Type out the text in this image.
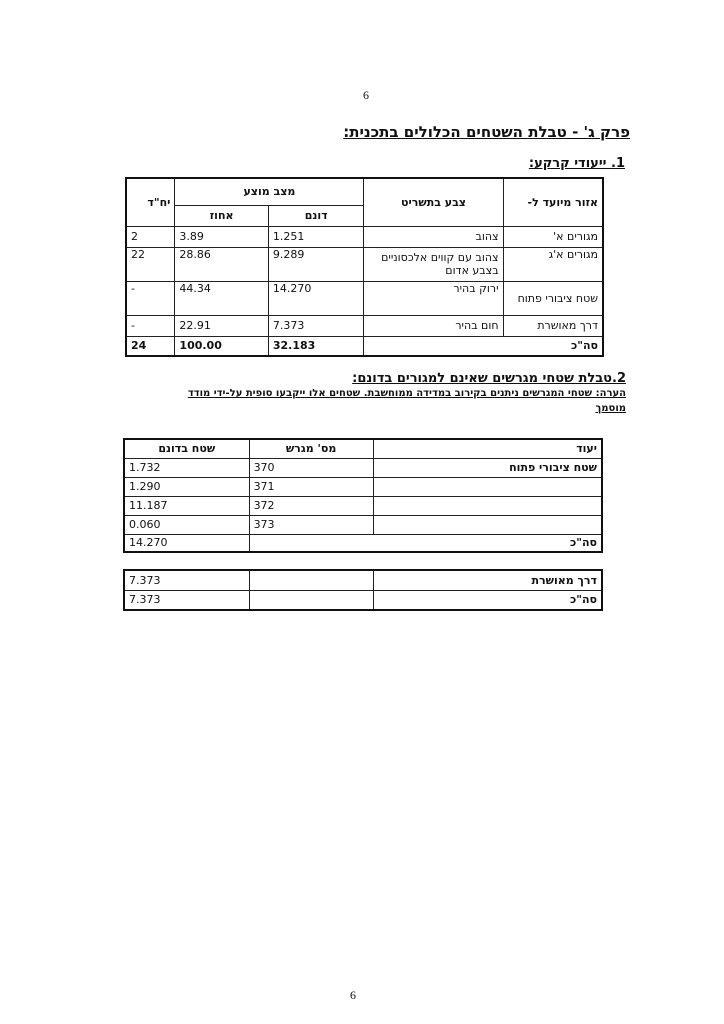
6
פרק ג' - טבלת השטחים הכלולים בתכנית:
1. ייעודי קרקע:
אזור מיועד ל-	צבע בתשריט	מצב מוצע		יח"ד
		דונם	אחוז	
מגורים א'	צהוב	1.251	3.89	2
מגורים א'ג	צהוב עם קווים אלכסוניים בצבע אדום	9.289	28.86	22
שטח ציבורי פתוח	ירוק בהיר	14.270	44.34	-
דרך מאושרת	חום בהיר	7.373	22.91	-
סה"כ		32.183	100.00	24
2.טבלת שטחי מגרשים שאינם למגורים בדונם:
הערה: שטחי המגרשים ניתנים בקירוב במדידה ממוחשבת. שטחים אלו ייקבעו סופית על-ידי מודד
מוסמך
יעוד	מס' מגרש	שטח בדונם
שטח ציבורי פתוח	370	1.732
	371	1.290
	372	11.187
	373	0.060
סה"כ		14.270
דרך מאושרת		7.373
סה"כ		7.373
6
